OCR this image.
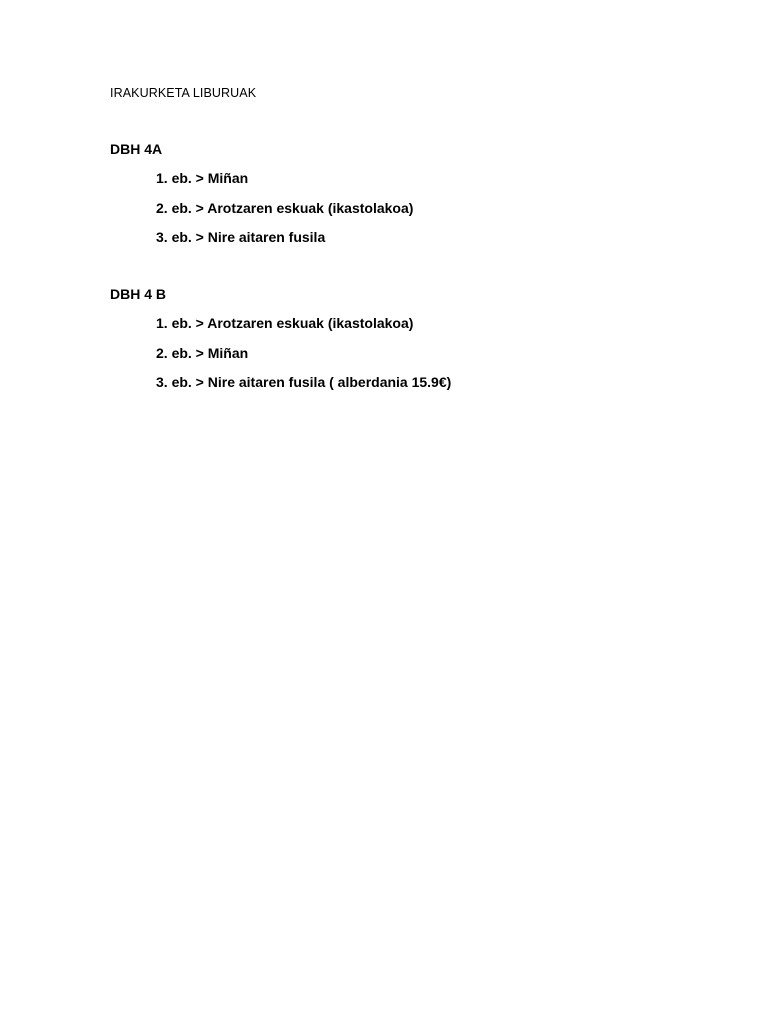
IRAKURKETA LIBURUAK
DBH 4A
1. eb. > Miñan
2. eb. > Arotzaren eskuak (ikastolakoa)
3. eb. > Nire aitaren fusila
DBH 4 B
1. eb. > Arotzaren eskuak (ikastolakoa)
2. eb. > Miñan
3. eb. > Nire aitaren fusila ( alberdania 15.9€)
